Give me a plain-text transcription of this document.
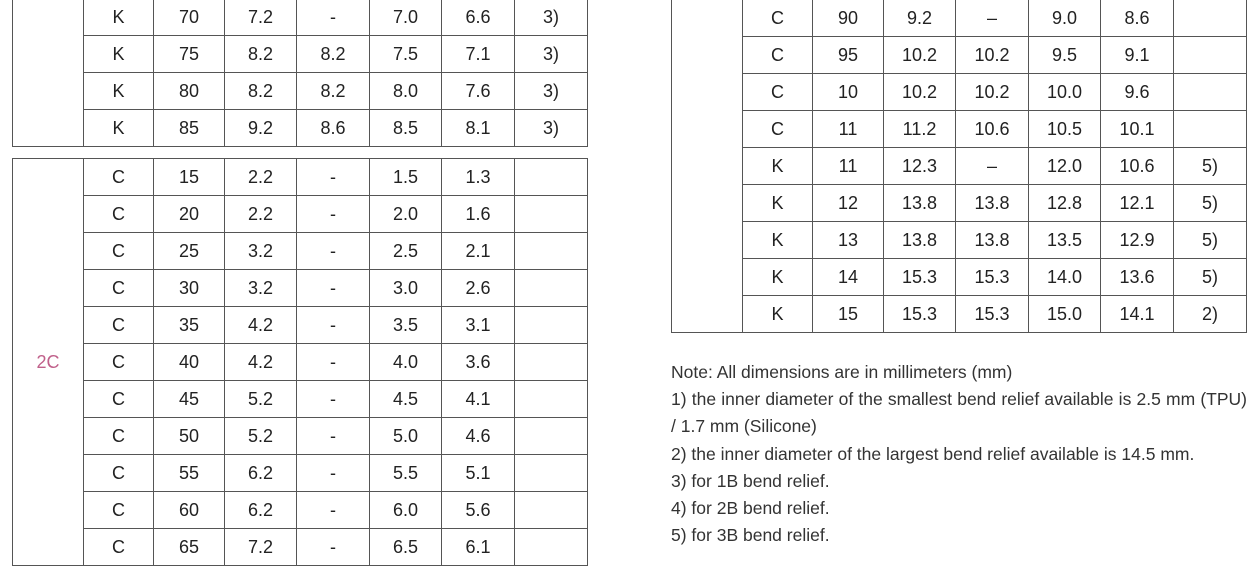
	K	70	7.2	-	7.0	6.6	3)
	K	75	8.2	8.2	7.5	7.1	3)
	K	80	8.2	8.2	8.0	7.6	3)
	K	85	9.2	8.6	8.5	8.1	3)
2C	C	15	2.2	-	1.5	1.3	
	C	20	2.2	-	2.0	1.6	
	C	25	3.2	-	2.5	2.1	
	C	30	3.2	-	3.0	2.6	
	C	35	4.2	-	3.5	3.1	
	C	40	4.2	-	4.0	3.6	
	C	45	5.2	-	4.5	4.1	
	C	50	5.2	-	5.0	4.6	
	C	55	6.2	-	5.5	5.1	
	C	60	6.2	-	6.0	5.6	
	C	65	7.2	-	6.5	6.1	
	C	90	9.2	–	9.0	8.6	
	C	95	10.2	10.2	9.5	9.1	
	C	10	10.2	10.2	10.0	9.6	
	C	11	11.2	10.6	10.5	10.1	
	K	11	12.3	–	12.0	10.6	5)
	K	12	13.8	13.8	12.8	12.1	5)
	K	13	13.8	13.8	13.5	12.9	5)
	K	14	15.3	15.3	14.0	13.6	5)
	K	15	15.3	15.3	15.0	14.1	2)

Note: All dimensions are in millimeters (mm)

1) the inner diameter of the smallest bend relief available is 2.5 mm (TPU) / 1.7 mm (Silicone)

2) the inner diameter of the largest bend relief available is 14.5 mm.

3) for 1B bend relief.

4) for 2B bend relief.

5) for 3B bend relief.
